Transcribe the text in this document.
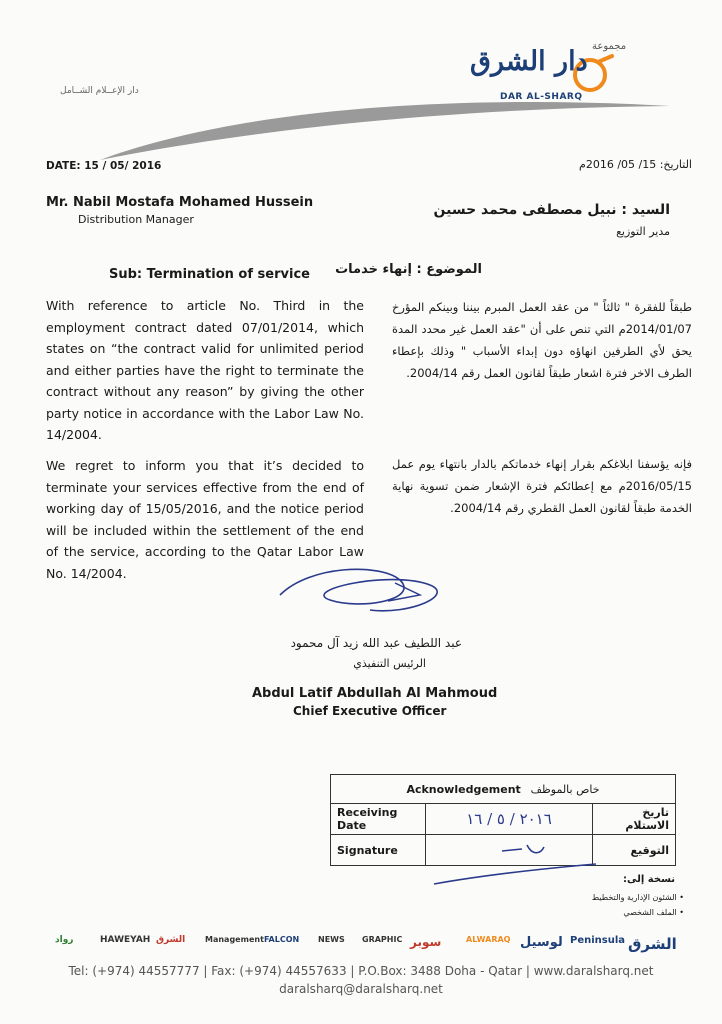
مجموعة
دار الشرق
DAR AL-SHARQ
دار الإعــلام الشــامل
DATE: 15 / 05/ 2016	التاريخ: 15/ 05/ 2016م
Mr. Nabil Mostafa Mohamed Hussein
Distribution Manager
السيد : نبيل مصطفى محمد حسين
مدير التوزيع
Sub: Termination of service الموضوع : إنهاء خدمات
With reference to article No. Third in the employment contract dated 07/01/2014, which states on “the contract valid for unlimited period and either parties have the right to terminate the contract without any reason” by giving the other party notice in accordance with the Labor Law No. 14/2004.
We regret to inform you that it’s decided to terminate your services effective from the end of working day of 15/05/2016, and the notice period will be included within the settlement of the end of the service, according to the Qatar Labor Law No. 14/2004.
طبقاً للفقرة " ثالثاً " من عقد العمل المبرم بيننا وبينكم المؤرخ 2014/01/07م التي تنص على أن "عقد العمل غير محدد المدة يحق لأي الطرفين انهاؤه دون إبداء الأسباب " وذلك بإعطاء الطرف الاخر فترة اشعار طبقاً لقانون العمل رقم 2004/14.
فإنه يؤسفنا ابلاغكم بقرار إنهاء خدماتكم بالدار بانتهاء يوم عمل 2016/05/15م مع إعطائكم فترة الإشعار ضمن تسوية نهاية الخدمة طبقاً لقانون العمل القطري رقم 2004/14.
عبد اللطيف عبد الله زيد آل محمود
الرئيس التنفيذي
Abdul Latif Abdullah Al Mahmoud
Chief Executive Officer
Acknowledgement خاص بالموظف		
Receiving Date	٢٠١٦ / ٥ / ١٦	تاريخ الاستلام
Signature		التوقيع
نسخة إلى:
• الشئون الإدارية والتخطيط
• الملف الشخصي
الشرق
Peninsula
لوسيل
ALWARAQ
سوبر
GRAPHIC
NEWS
FALCON
Management
الشرق
HAWEYAH
رواد
Tel: (+974) 44557777 | Fax: (+974) 44557633 | P.O.Box: 3488 Doha - Qatar | www.daralsharq.net
daralsharq@daralsharq.net
